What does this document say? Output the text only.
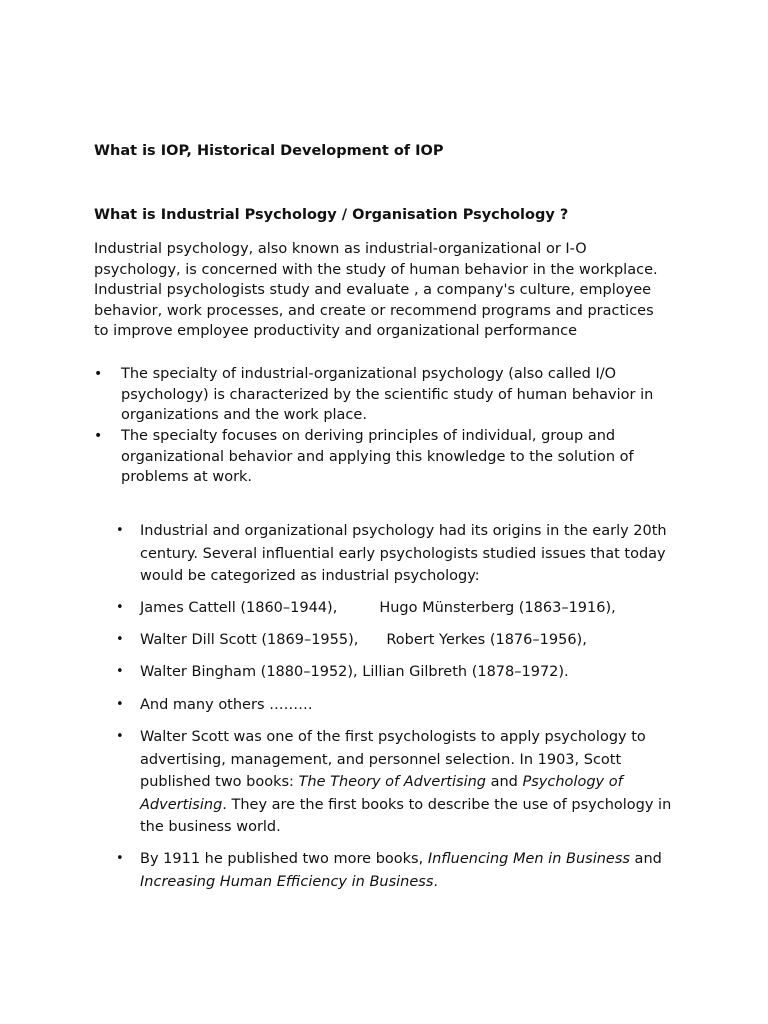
What is IOP, Historical Development of IOP
What is Industrial Psychology / Organisation Psychology ?
Industrial psychology, also known as industrial-organizational or I-O psychology, is concerned with the study of human behavior in the workplace. Industrial psychologists study and evaluate , a company's culture, employee behavior, work processes, and create or recommend programs and practices to improve employee productivity and organizational performance
• The specialty of industrial-organizational psychology (also called I/O psychology) is characterized by the scientific study of human behavior in organizations and the work place.
• The specialty focuses on deriving principles of individual, group and organizational behavior and applying this knowledge to the solution of problems at work.
• Industrial and organizational psychology had its origins in the early 20th century. Several influential early psychologists studied issues that today would be categorized as industrial psychology:
• James Cattell (1860–1944),	Hugo Münsterberg (1863–1916),
• Walter Dill Scott (1869–1955), Robert Yerkes (1876–1956),
• Walter Bingham (1880–1952), Lillian Gilbreth (1878–1972).
• And many others ………
• Walter Scott was one of the first psychologists to apply psychology to advertising, management, and personnel selection. In 1903, Scott published two books: The Theory of Advertising and Psychology of Advertising. They are the first books to describe the use of psychology in the business world.
• By 1911 he published two more books, Influencing Men in Business and Increasing Human Efficiency in Business.
